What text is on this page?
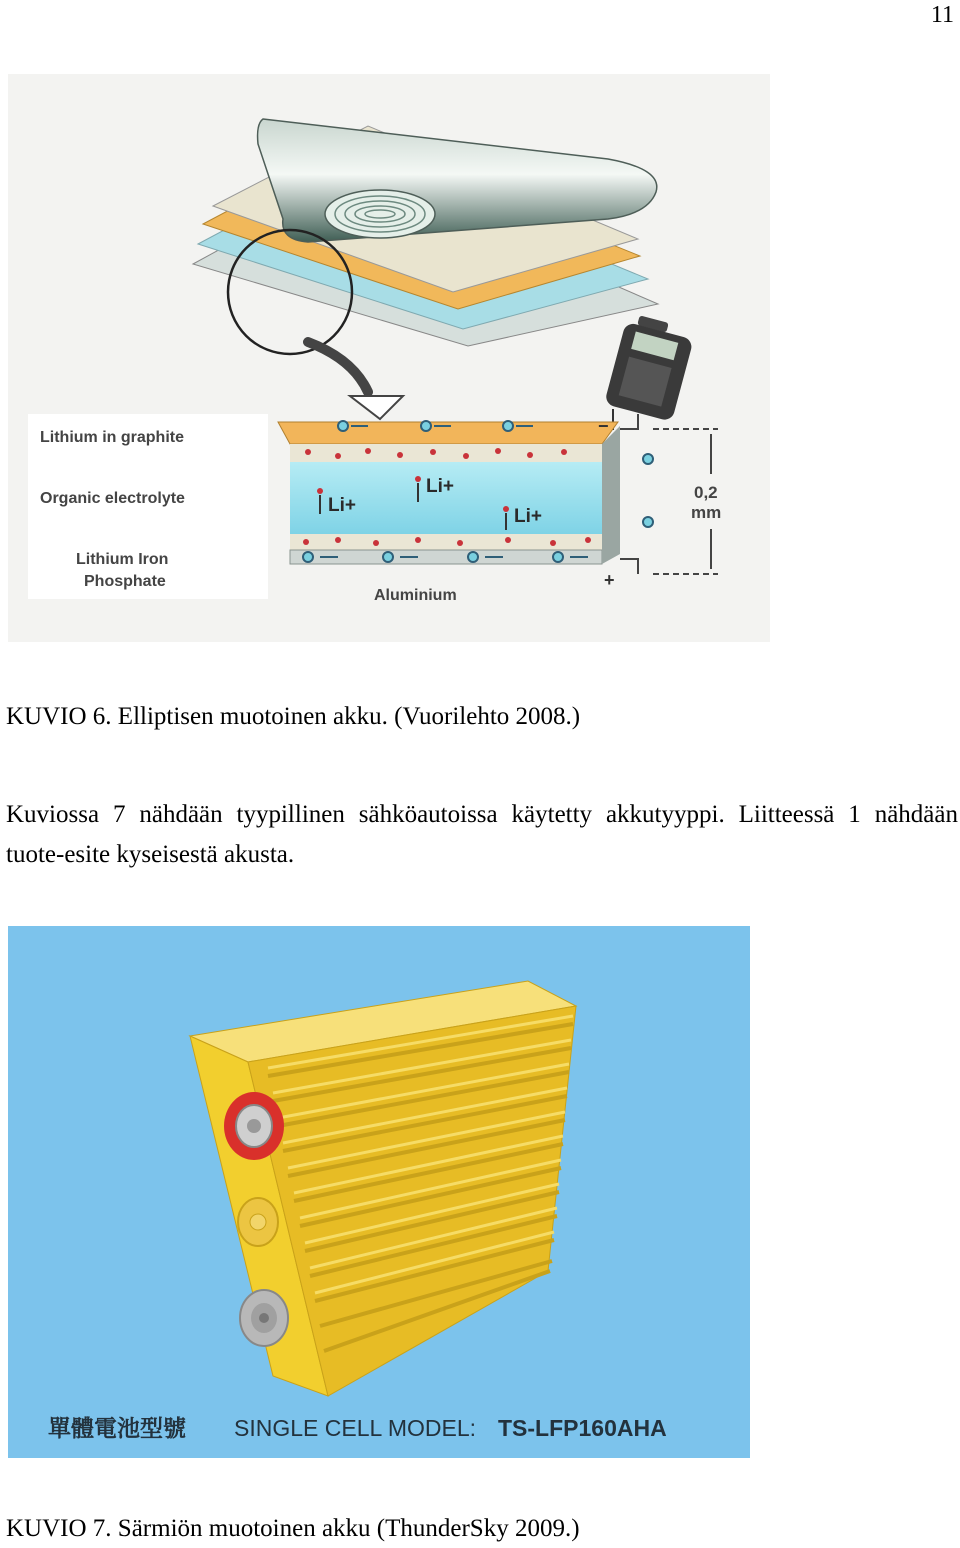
11
Li+
Li+
Li+
−
+
0,2
mm
Lithium in graphite
Organic electrolyte
Lithium Iron
Phosphate
Aluminium
KUVIO 6. Elliptisen muotoinen akku. (Vuorilehto 2008.)

Kuviossa 7 nähdään tyypillinen sähköautoissa käytetty akkutyyppi. Liitteessä 1 nähdään
tuote-esite kyseisestä akusta.

單體電池型號 SINGLE CELL MODEL: TS-LFP160AHA
KUVIO 7. Särmiön muotoinen akku (ThunderSky 2009.)
